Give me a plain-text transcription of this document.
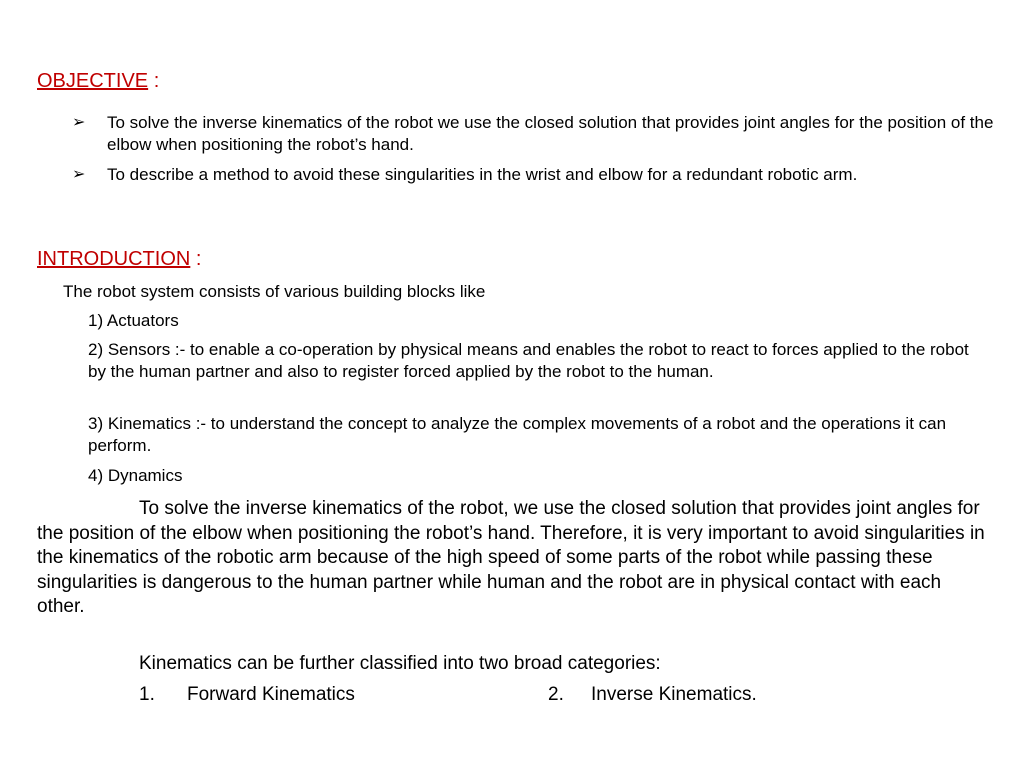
OBJECTIVE :
➢ To solve the inverse kinematics of the robot we use the closed solution that provides joint angles for the position of the elbow when positioning the robot’s hand.
➢ To describe a method to avoid these singularities in the wrist and elbow for a redundant robotic arm.
INTRODUCTION :
The robot system consists of various building blocks like
1) Actuators
2) Sensors :- to enable a co-operation by physical means and enables the robot to react to forces applied to the robot by the human partner and also to register forced applied by the robot to the human.
3) Kinematics :- to understand the concept to analyze the complex movements of a robot and the operations it can perform.
4) Dynamics
To solve the inverse kinematics of the robot, we use the closed solution that provides joint angles for the position of the elbow when positioning the robot’s hand. Therefore, it is very important to avoid singularities in the kinematics of the robotic arm because of the high speed of some parts of the robot while passing these singularities is dangerous to the human partner while human and the robot are in physical contact with each other.
Kinematics can be further classified into two broad categories:
1. Forward Kinematics	2. Inverse Kinematics.
